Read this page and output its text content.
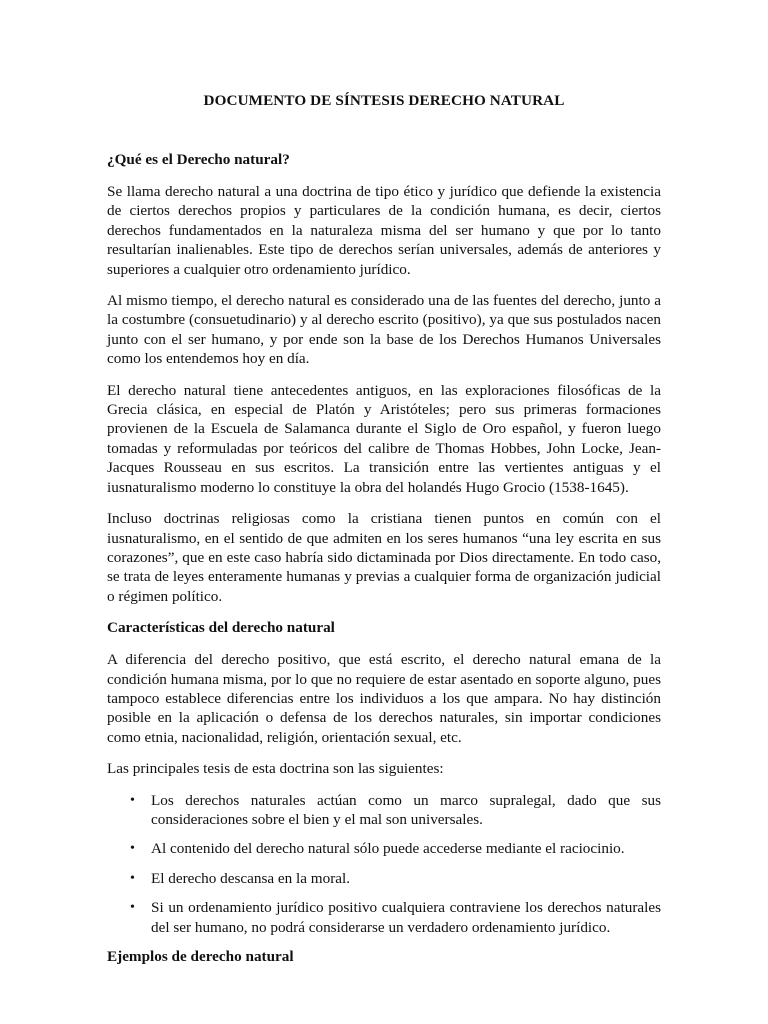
DOCUMENTO DE SÍNTESIS DERECHO NATURAL
¿Qué es el Derecho natural?

Se llama derecho natural a una doctrina de tipo ético y jurídico que defiende la existencia de ciertos derechos propios y particulares de la condición humana, es decir, ciertos derechos fundamentados en la naturaleza misma del ser humano y que por lo tanto resultarían inalienables. Este tipo de derechos serían universales, además de anteriores y superiores a cualquier otro ordenamiento jurídico.

Al mismo tiempo, el derecho natural es considerado una de las fuentes del derecho, junto a la costumbre (consuetudinario) y al derecho escrito (positivo), ya que sus postulados nacen junto con el ser humano, y por ende son la base de los Derechos Humanos Universales como los entendemos hoy en día.

El derecho natural tiene antecedentes antiguos, en las exploraciones filosóficas de la Grecia clásica, en especial de Platón y Aristóteles; pero sus primeras formaciones provienen de la Escuela de Salamanca durante el Siglo de Oro español, y fueron luego tomadas y reformuladas por teóricos del calibre de Thomas Hobbes, John Locke, Jean-Jacques Rousseau en sus escritos. La transición entre las vertientes antiguas y el iusnaturalismo moderno lo constituye la obra del holandés Hugo Grocio (1538-1645).

Incluso doctrinas religiosas como la cristiana tienen puntos en común con el iusnaturalismo, en el sentido de que admiten en los seres humanos “una ley escrita en sus corazones”, que en este caso habría sido dictaminada por Dios directamente. En todo caso, se trata de leyes enteramente humanas y previas a cualquier forma de organización judicial o régimen político.

Características del derecho natural

A diferencia del derecho positivo, que está escrito, el derecho natural emana de la condición humana misma, por lo que no requiere de estar asentado en soporte alguno, pues tampoco establece diferencias entre los individuos a los que ampara. No hay distinción posible en la aplicación o defensa de los derechos naturales, sin importar condiciones como etnia, nacionalidad, religión, orientación sexual, etc.

Las principales tesis de esta doctrina son las siguientes:

• Los derechos naturales actúan como un marco supralegal, dado que sus consideraciones sobre el bien y el mal son universales.
• Al contenido del derecho natural sólo puede accederse mediante el raciocinio.
• El derecho descansa en la moral.
• Si un ordenamiento jurídico positivo cualquiera contraviene los derechos naturales del ser humano, no podrá considerarse un verdadero ordenamiento jurídico.
Ejemplos de derecho natural
